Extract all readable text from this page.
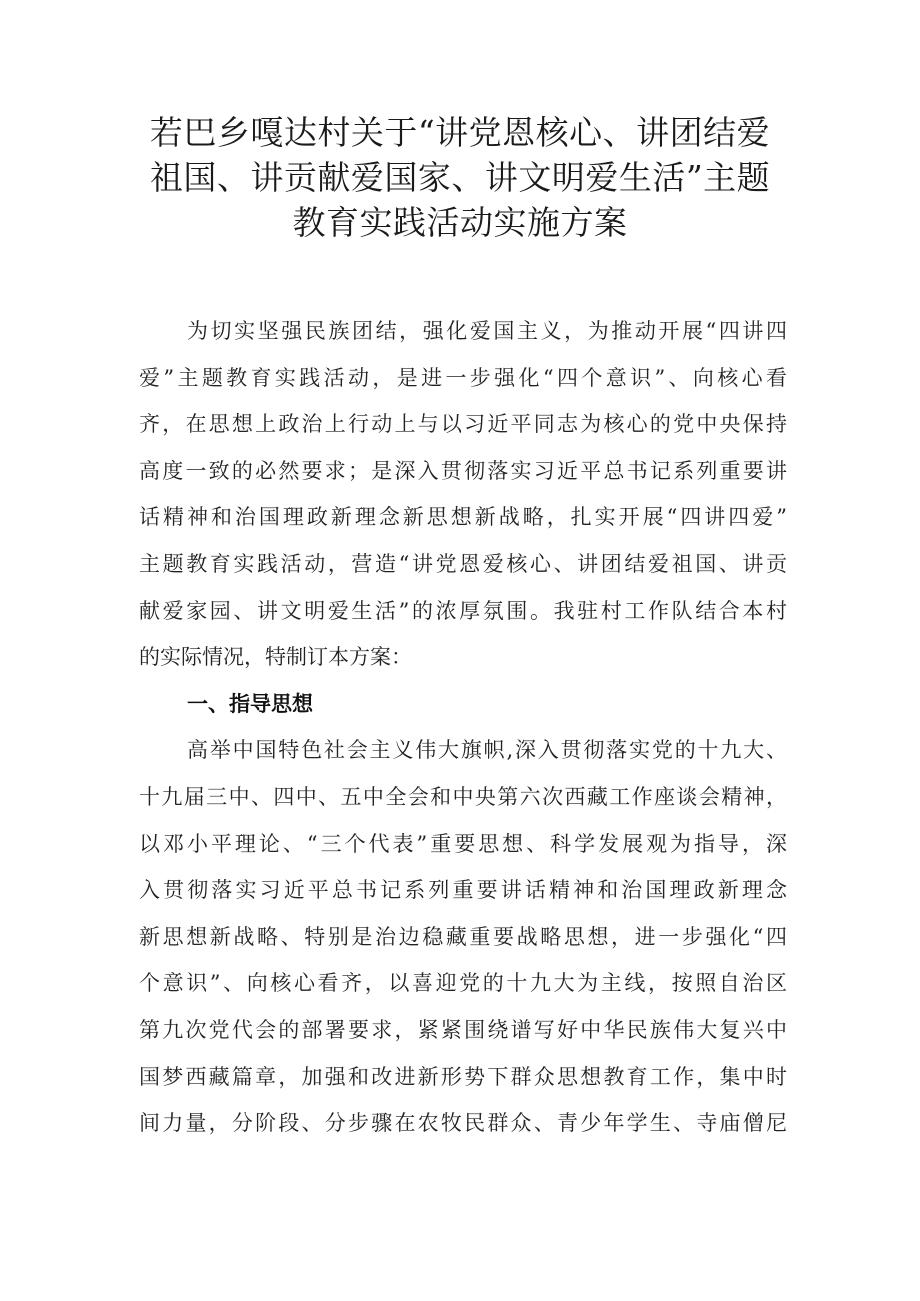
若巴乡嘎达村关于“讲党恩核心、讲团结爱
祖国、讲贡献爱国家、讲文明爱生活”主题
教育实践活动实施方案
为切实坚强民族团结，强化爱国主义，为推动开展“四讲四
爱”主题教育实践活动，是进一步强化“四个意识”、向核心看
齐，在思想上政治上行动上与以习近平同志为核心的党中央保持
高度一致的必然要求；是深入贯彻落实习近平总书记系列重要讲
话精神和治国理政新理念新思想新战略，扎实开展“四讲四爱”
主题教育实践活动，营造“讲党恩爱核心、讲团结爱祖国、讲贡
献爱家园、讲文明爱生活”的浓厚氛围。我驻村工作队结合本村
的实际情况，特制订本方案：
一、指导思想
高举中国特色社会主义伟大旗帜,深入贯彻落实党的十九大、
十九届三中、四中、五中全会和中央第六次西藏工作座谈会精神，
以邓小平理论、“三个代表”重要思想、科学发展观为指导，深
入贯彻落实习近平总书记系列重要讲话精神和治国理政新理念
新思想新战略、特别是治边稳藏重要战略思想，进一步强化“四
个意识”、向核心看齐，以喜迎党的十九大为主线，按照自治区
第九次党代会的部署要求，紧紧围绕谱写好中华民族伟大复兴中
国梦西藏篇章，加强和改进新形势下群众思想教育工作，集中时
间力量，分阶段、分步骤在农牧民群众、青少年学生、寺庙僧尼
